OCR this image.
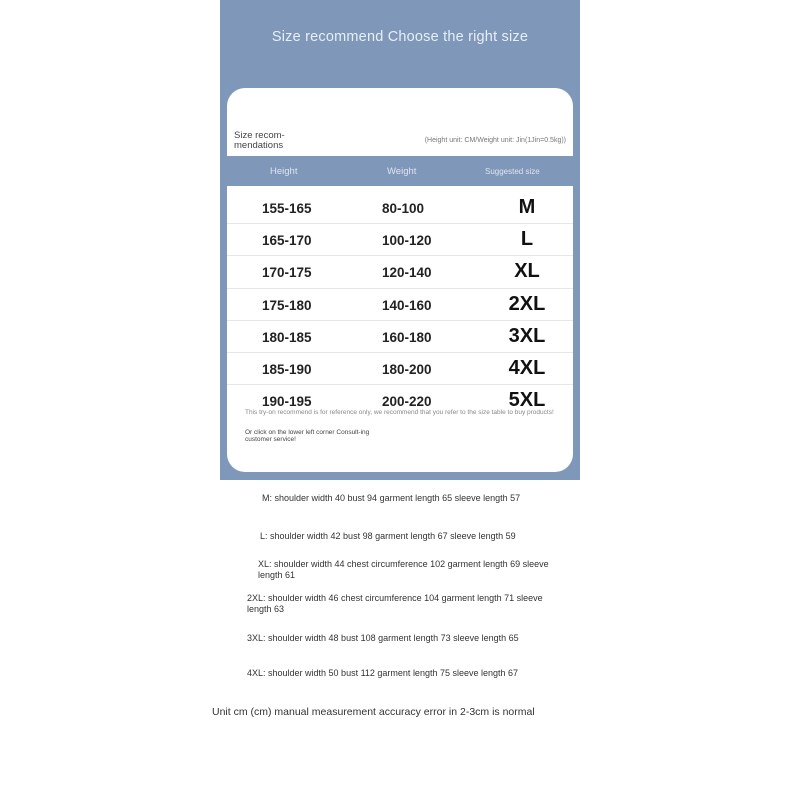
Size recommend Choose the right size
Size recom-
mendations	(Height unit: CM/Weight unit: Jin(1Jin=0.5kg))
Height	Weight	Suggested size
155-165	80-100	M
165-170	100-120	L
170-175	120-140	XL
175-180	140-160	2XL
180-185	160-180	3XL
185-190	180-200	4XL
190-195	200-220	5XL
This try-on recommend is for reference only, we recommend that you refer to the size table to buy products!
Or click on the lower left corner Consult-ing customer service!
M: shoulder width 40 bust 94 garment length 65 sleeve length 57
L: shoulder width 42 bust 98 garment length 67 sleeve length 59
XL: shoulder width 44 chest circumference 102 garment length 69 sleeve length 61
2XL: shoulder width 46 chest circumference 104 garment length 71 sleeve length 63
3XL: shoulder width 48 bust 108 garment length 73 sleeve length 65
4XL: shoulder width 50 bust 112 garment length 75 sleeve length 67
Unit cm (cm) manual measurement accuracy error in 2-3cm is normal
